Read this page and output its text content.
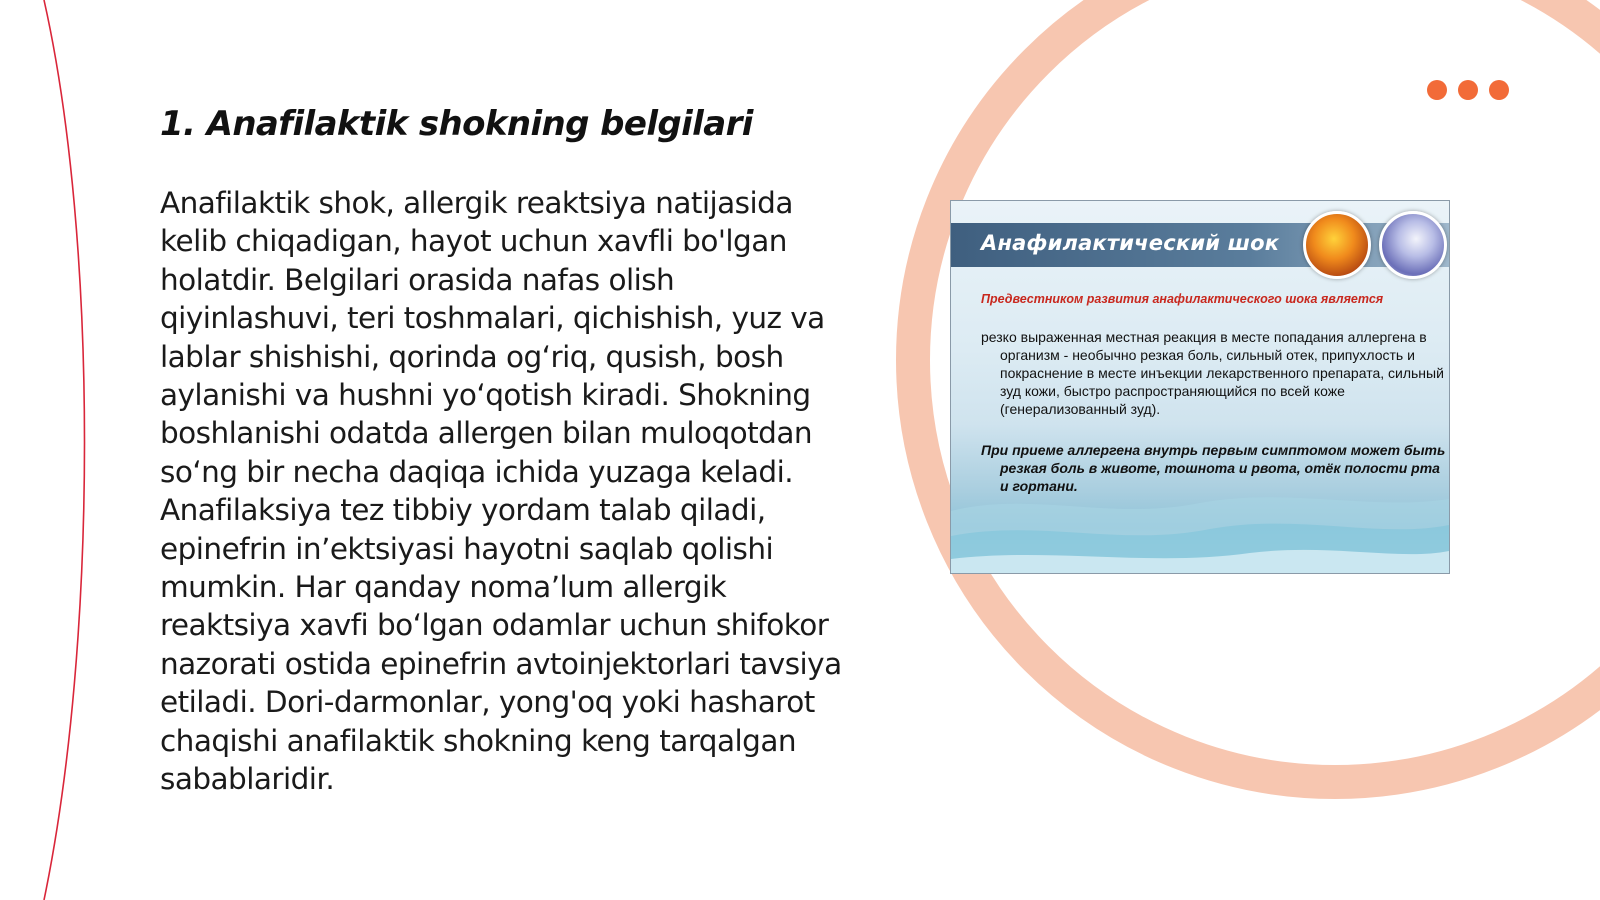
1. Anafilaktik shokning belgilari

Anafilaktik shok, allergik reaktsiya natijasida kelib chiqadigan, hayot uchun xavfli bo'lgan holatdir. Belgilari orasida nafas olish qiyinlashuvi, teri toshmalari, qichishish, yuz va lablar shishishi, qorinda og‘riq, qusish, bosh aylanishi va hushni yo‘qotish kiradi. Shokning boshlanishi odatda allergen bilan muloqotdan so‘ng bir necha daqiqa ichida yuzaga keladi. Anafilaksiya tez tibbiy yordam talab qiladi, epinefrin in’ektsiyasi hayotni saqlab qolishi mumkin. Har qanday noma’lum allergik reaktsiya xavfi bo‘lgan odamlar uchun shifokor nazorati ostida epinefrin avtoinjektorlari tavsiya etiladi. Dori-darmonlar, yong'oq yoki hasharot chaqishi anafilaktik shokning keng tarqalgan sabablaridir.

Анафилактический шок

Предвестником развития анафилактического шока является

резко выраженная местная реакция в месте попадания аллергена в организм - необычно резкая боль, сильный отек, припухлость и покраснение в месте инъекции лекарственного препарата, сильный зуд кожи, быстро распространяющийся по всей коже (генерализованный зуд).

При приеме аллергена внутрь первым симптомом может быть резкая боль в животе, тошнота и рвота, отёк полости рта и гортани.
